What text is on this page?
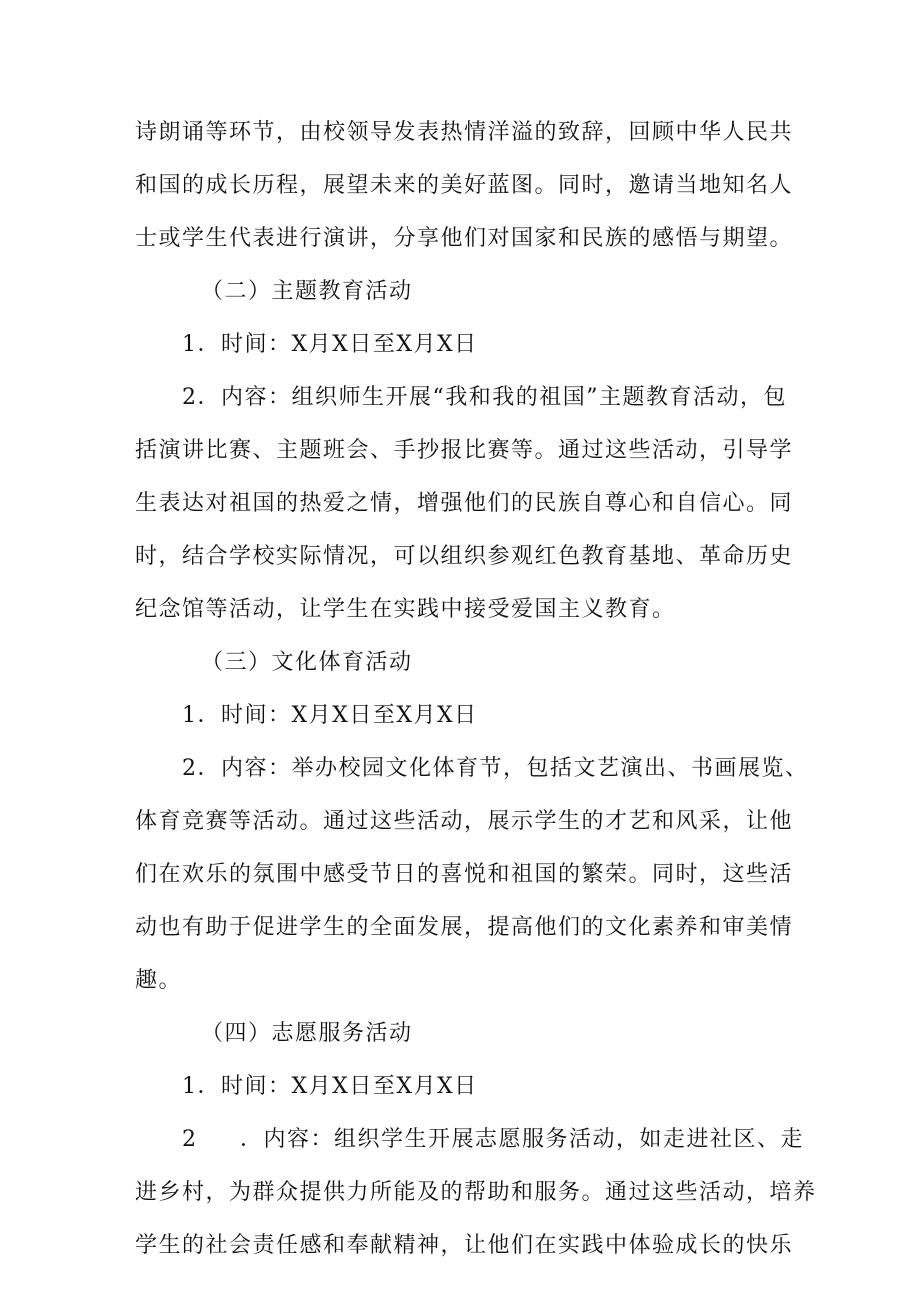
诗朗诵等环节，由校领导发表热情洋溢的致辞，回顾中华人民共
和国的成长历程，展望未来的美好蓝图。同时，邀请当地知名人
士或学生代表进行演讲，分享他们对国家和民族的感悟与期望。
（二）主题教育活动
1．时间：X月X日至X月X日
2．内容：组织师生开展“我和我的祖国”主题教育活动，包
括演讲比赛、主题班会、手抄报比赛等。通过这些活动，引导学
生表达对祖国的热爱之情，增强他们的民族自尊心和自信心。同
时，结合学校实际情况，可以组织参观红色教育基地、革命历史
纪念馆等活动，让学生在实践中接受爱国主义教育。
（三）文化体育活动
1．时间：X月X日至X月X日
2．内容：举办校园文化体育节，包括文艺演出、书画展览、
体育竞赛等活动。通过这些活动，展示学生的才艺和风采，让他
们在欢乐的氛围中感受节日的喜悦和祖国的繁荣。同时，这些活
动也有助于促进学生的全面发展，提高他们的文化素养和审美情
趣。
（四）志愿服务活动
1．时间：X月X日至X月X日
2 ．内容：组织学生开展志愿服务活动，如走进社区、走
进乡村，为群众提供力所能及的帮助和服务。通过这些活动，培养
学生的社会责任感和奉献精神，让他们在实践中体验成长的快乐
